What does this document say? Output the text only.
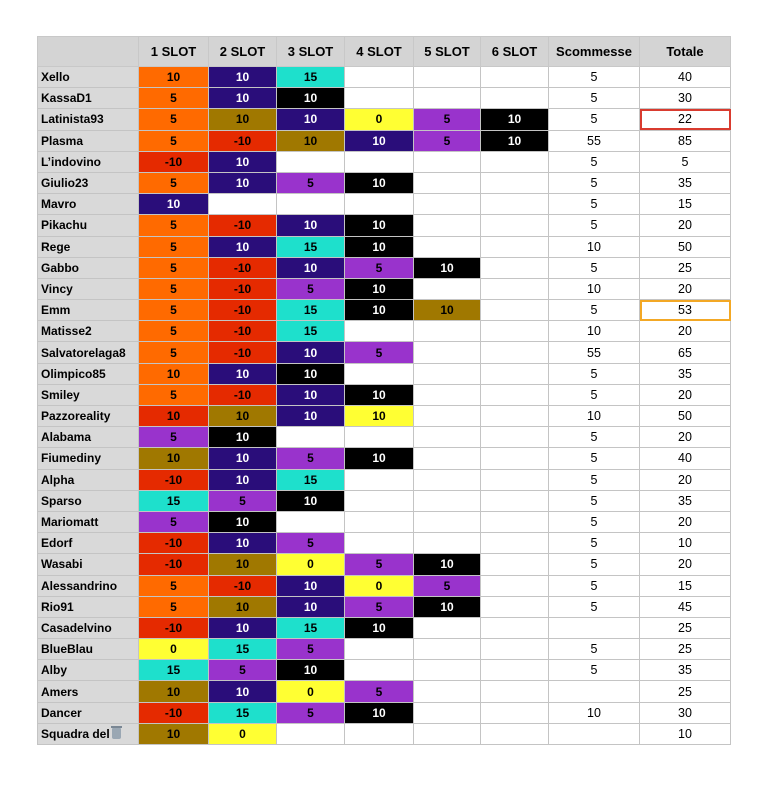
	1 SLOT	2 SLOT	3 SLOT	4 SLOT	5 SLOT	6 SLOT	Scommesse	Totale
Xello	10	10	15				5	40
KassaD1	5	10	10				5	30
Latinista93	5	10	10	0	5	10	5	22
Plasma	5	-10	10	10	5	10	55	85
L’indovino	-10	10					5	5
Giulio23	5	10	5	10			5	35
Mavro	10						5	15
Pikachu	5	-10	10	10			5	20
Rege	5	10	15	10			10	50
Gabbo	5	-10	10	5	10		5	25
Vincy	5	-10	5	10			10	20
Emm	5	-10	15	10	10		5	53
Matisse2	5	-10	15				10	20
Salvatorelaga8	5	-10	10	5			55	65
Olimpico85	10	10	10				5	35
Smiley	5	-10	10	10			5	20
Pazzoreality	10	10	10	10			10	50
Alabama	5	10					5	20
Fiumediny	10	10	5	10			5	40
Alpha	-10	10	15				5	20
Sparso	15	5	10				5	35
Mariomatt	5	10					5	20
Edorf	-10	10	5				5	10
Wasabi	-10	10	0	5	10		5	20
Alessandrino	5	-10	10	0	5		5	15
Rio91	5	10	10	5	10		5	45
Casadelvino	-10	10	15	10				25
BlueBlau	0	15	5				5	25
Alby	15	5	10				5	35
Amers	10	10	0	5				25
Dancer	-10	15	5	10			10	30
Squadra del	10	0						10
